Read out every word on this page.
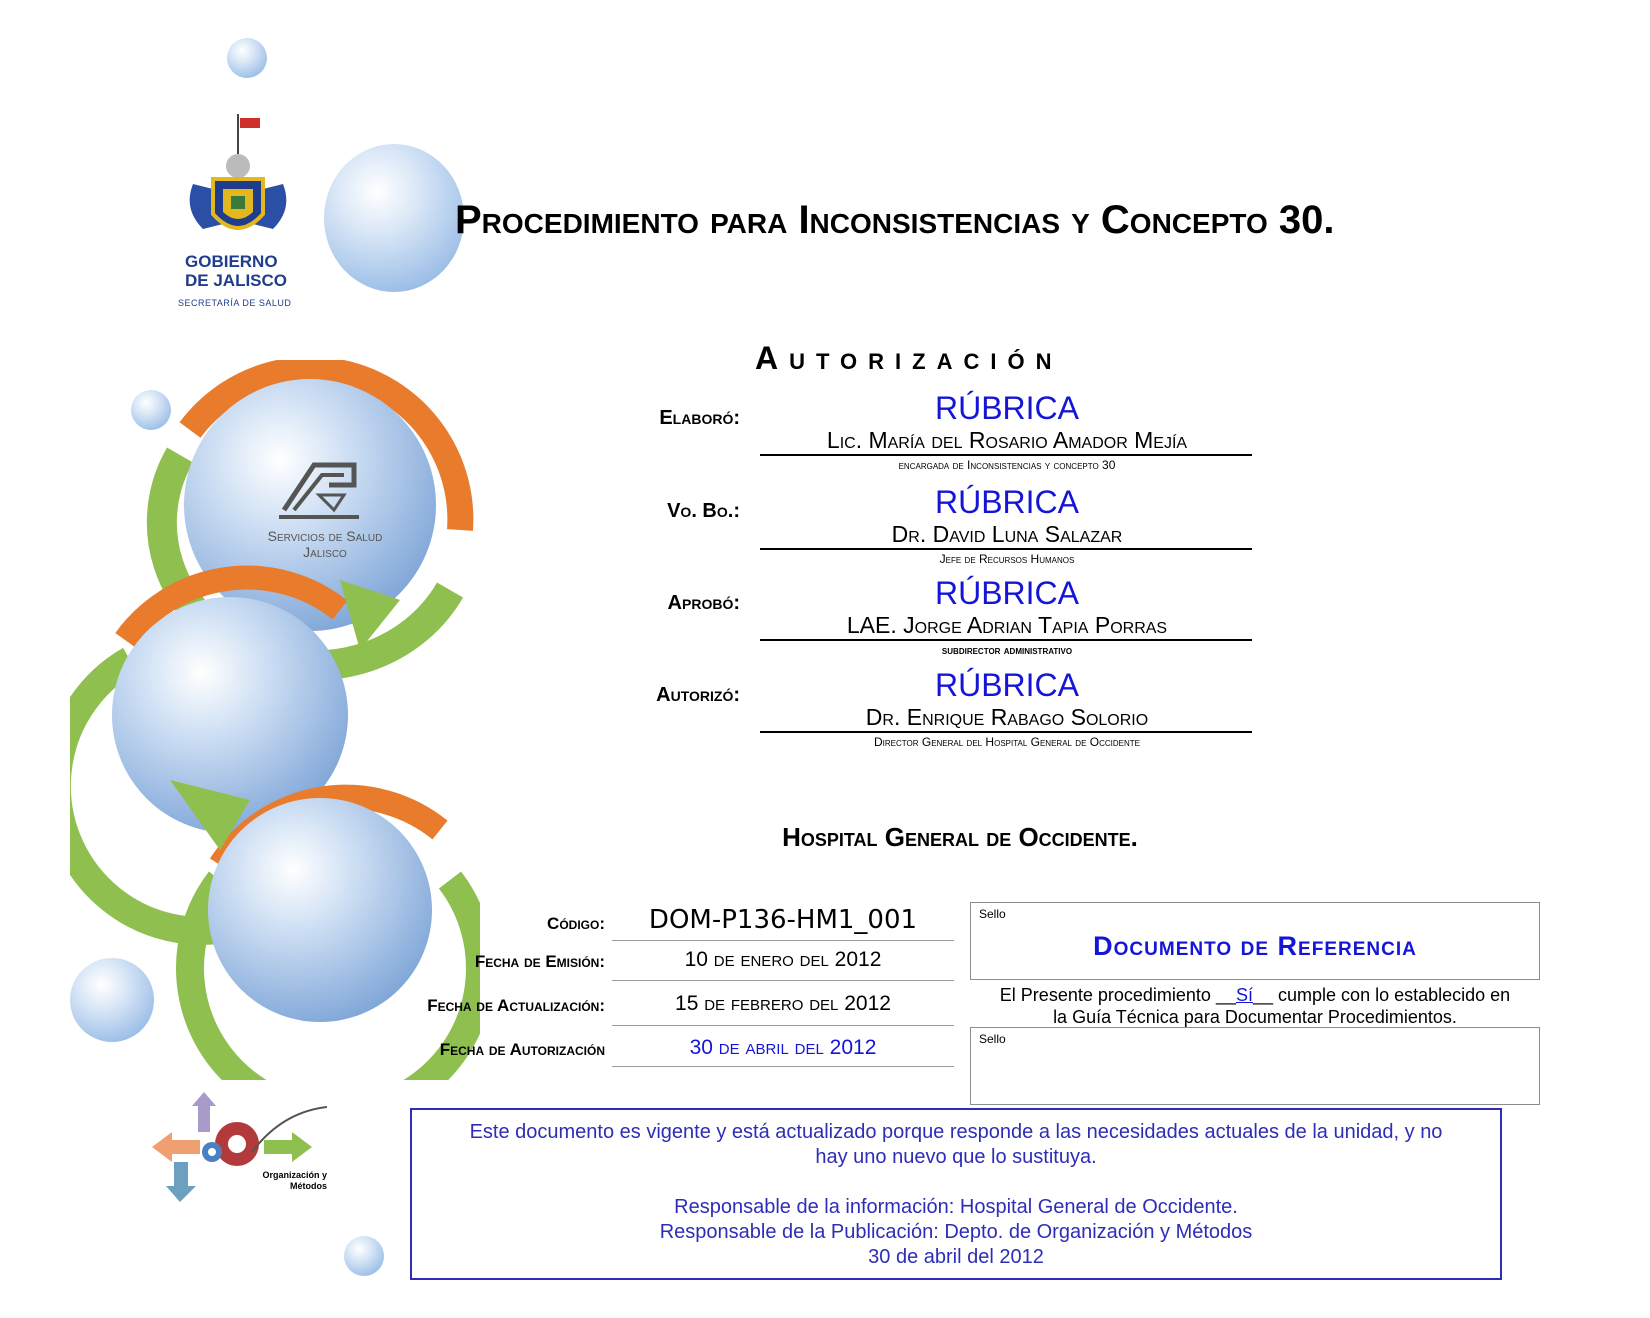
Servicios de Salud
Jalisco
GOBIERNO
DE JALISCO
SECRETARÍA DE SALUD
Procedimiento para Inconsistencias y Concepto 30.
Autorización
Elaboró:	RÚBRICA
Lic. María del Rosario Amador Mejía
encargada de Inconsistencias y concepto 30
Vo. Bo.:	RÚBRICA
Dr. David Luna Salazar
Jefe de Recursos Humanos
Aprobó:	RÚBRICA
LAE. Jorge Adrian Tapia Porras
subdirector administrativo
Autorizó:	RÚBRICA
Dr. Enrique Rabago Solorio
Director General del Hospital General de Occidente
Hospital General de Occidente.
Código:	DOM-P136-HM1_001
Fecha de Emisión:	10 de enero del 2012
Fecha de Actualización:	15 de febrero del 2012
Fecha de Autorización	30 de abril del 2012
Sello
Documento de Referencia
El Presente procedimiento __Sí__ cumple con lo establecido en
la Guía Técnica para Documentar Procedimientos.
Sello
Organización y
Métodos
Este documento es vigente y está actualizado porque responde a las necesidades actuales de la unidad, y no
hay uno nuevo que lo sustituya.
Responsable de la información: Hospital General de Occidente.
Responsable de la Publicación: Depto. de Organización y Métodos
30 de abril del 2012
